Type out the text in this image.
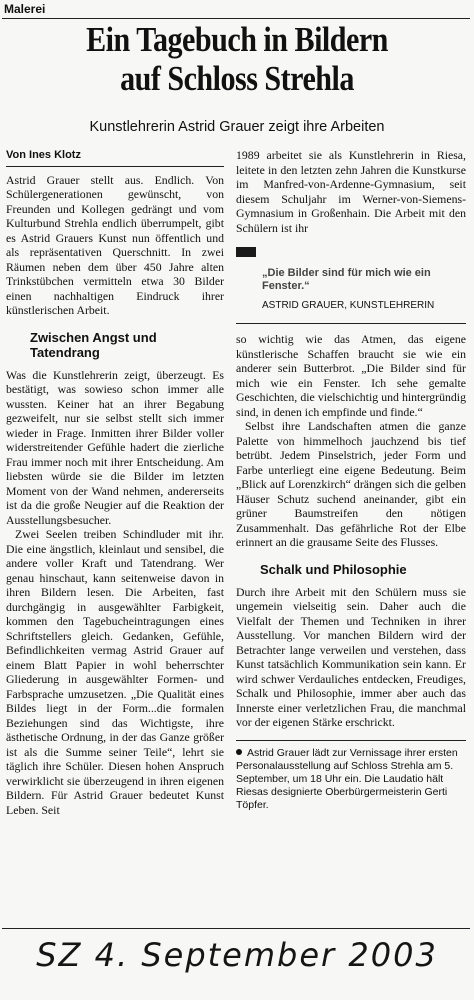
Malerei
Ein Tagebuch in Bildern
auf Schloss Strehla
Kunstlehrerin Astrid Grauer zeigt ihre Arbeiten
Von Ines Klotz

Astrid Grauer stellt aus. Endlich. Von Schülergenerationen gewünscht, von Freunden und Kollegen gedrängt und vom Kulturbund Strehla endlich überrumpelt, gibt es Astrid Grauers Kunst nun öffentlich und als repräsentativen Querschnitt. In zwei Räumen neben dem über 450 Jahre alten Trinkstübchen vermitteln etwa 30 Bilder einen nachhaltigen Eindruck ihrer künstlerischen Arbeit.

Zwischen Angst und Tatendrang

Was die Kunstlehrerin zeigt, überzeugt. Es bestätigt, was sowieso schon immer alle wussten. Keiner hat an ihrer Begabung gezweifelt, nur sie selbst stellt sich immer wieder in Frage. Inmitten ihrer Bilder voller widerstreitender Gefühle hadert die zierliche Frau immer noch mit ihrer Entscheidung. Am liebsten würde sie die Bilder im letzten Moment von der Wand nehmen, andererseits ist da die große Neugier auf die Reaktion der Ausstellungsbesucher.

Zwei Seelen treiben Schindluder mit ihr. Die eine ängstlich, kleinlaut und sensibel, die andere voller Kraft und Tatendrang. Wer genau hinschaut, kann seitenweise davon in ihren Bildern lesen. Die Arbeiten, fast durchgängig in ausgewählter Farbigkeit, kommen den Tagebucheintragungen eines Schriftstellers gleich. Gedanken, Gefühle, Befindlichkeiten vermag Astrid Grauer auf einem Blatt Papier in wohl beherrschter Gliederung in ausgewählter Formen- und Farbsprache umzusetzen. „Die Qualität eines Bildes liegt in der Form...die formalen Beziehungen sind das Wichtigste, ihre ästhetische Ordnung, in der das Ganze größer ist als die Summe seiner Teile“, lehrt sie täglich ihre Schüler. Diesen hohen Anspruch verwirklicht sie überzeugend in ihren eigenen Bildern. Für Astrid Grauer bedeutet Kunst Leben. Seit

1989 arbeitet sie als Kunstlehrerin in Riesa, leitete in den letzten zehn Jahren die Kunstkurse im Manfred-von-Ardenne-Gymnasium, seit diesem Schuljahr im Werner-von-Siemens-Gymnasium in Großenhain. Die Arbeit mit den Schülern ist ihr

„Die Bilder sind für mich wie ein Fenster.“
ASTRID GRAUER, KUNSTLEHRERIN

so wichtig wie das Atmen, das eigene künstlerische Schaffen braucht sie wie ein anderer sein Butterbrot. „Die Bilder sind für mich wie ein Fenster. Ich sehe gemalte Geschichten, die vielschichtig und hintergründig sind, in denen ich empfinde und finde.“

Selbst ihre Landschaften atmen die ganze Palette von himmelhoch jauchzend bis tief betrübt. Jedem Pinselstrich, jeder Form und Farbe unterliegt eine eigene Bedeutung. Beim „Blick auf Lorenzkirch“ drängen sich die gelben Häuser Schutz suchend aneinander, gibt ein grüner Baumstreifen den nötigen Zusammenhalt. Das gefährliche Rot der Elbe erinnert an die grausame Seite des Flusses.

Schalk und Philosophie

Durch ihre Arbeit mit den Schülern muss sie ungemein vielseitig sein. Daher auch die Vielfalt der Themen und Techniken in ihrer Ausstellung. Vor manchen Bildern wird der Betrachter lange verweilen und verstehen, dass Kunst tatsächlich Kommunikation sein kann. Er wird schwer Verdauliches entdecken, Freudiges, Schalk und Philosophie, immer aber auch das Innerste einer verletzlichen Frau, die manchmal vor der eigenen Stärke erschrickt.

Astrid Grauer lädt zur Vernissage ihrer ersten Personalausstellung auf Schloss Strehla am 5. September, um 18 Uhr ein. Die Laudatio hält Riesas designierte Oberbürgermeisterin Gerti Töpfer.
SZ 4. September 2003
